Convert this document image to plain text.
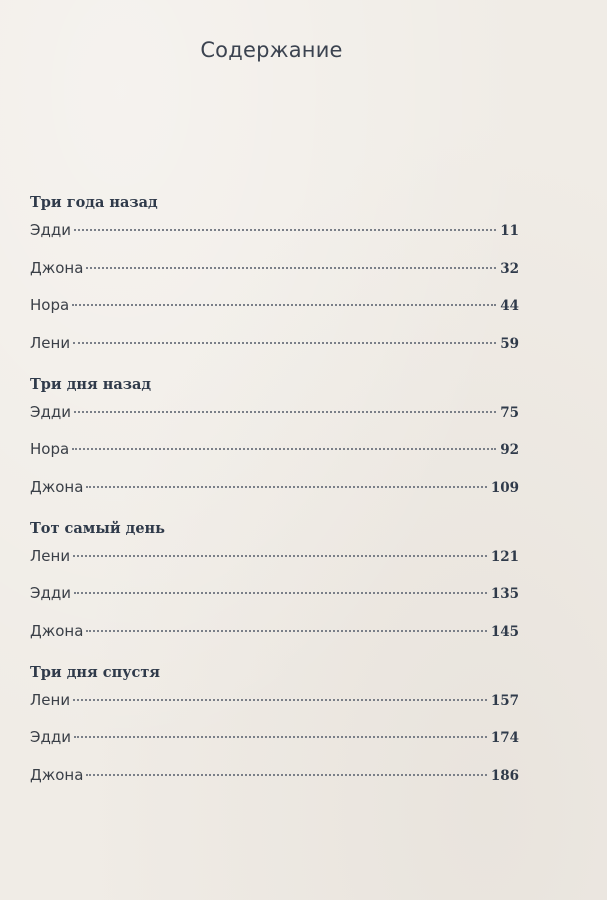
Содержание
Три года назад
Эдди	11
Джона	32
Нора	44
Лени	59
Три дня назад
Эдди	75
Нора	92
Джона	109
Тот самый день
Лени	121
Эдди	135
Джона	145
Три дня спустя
Лени	157
Эдди	174
Джона	186
